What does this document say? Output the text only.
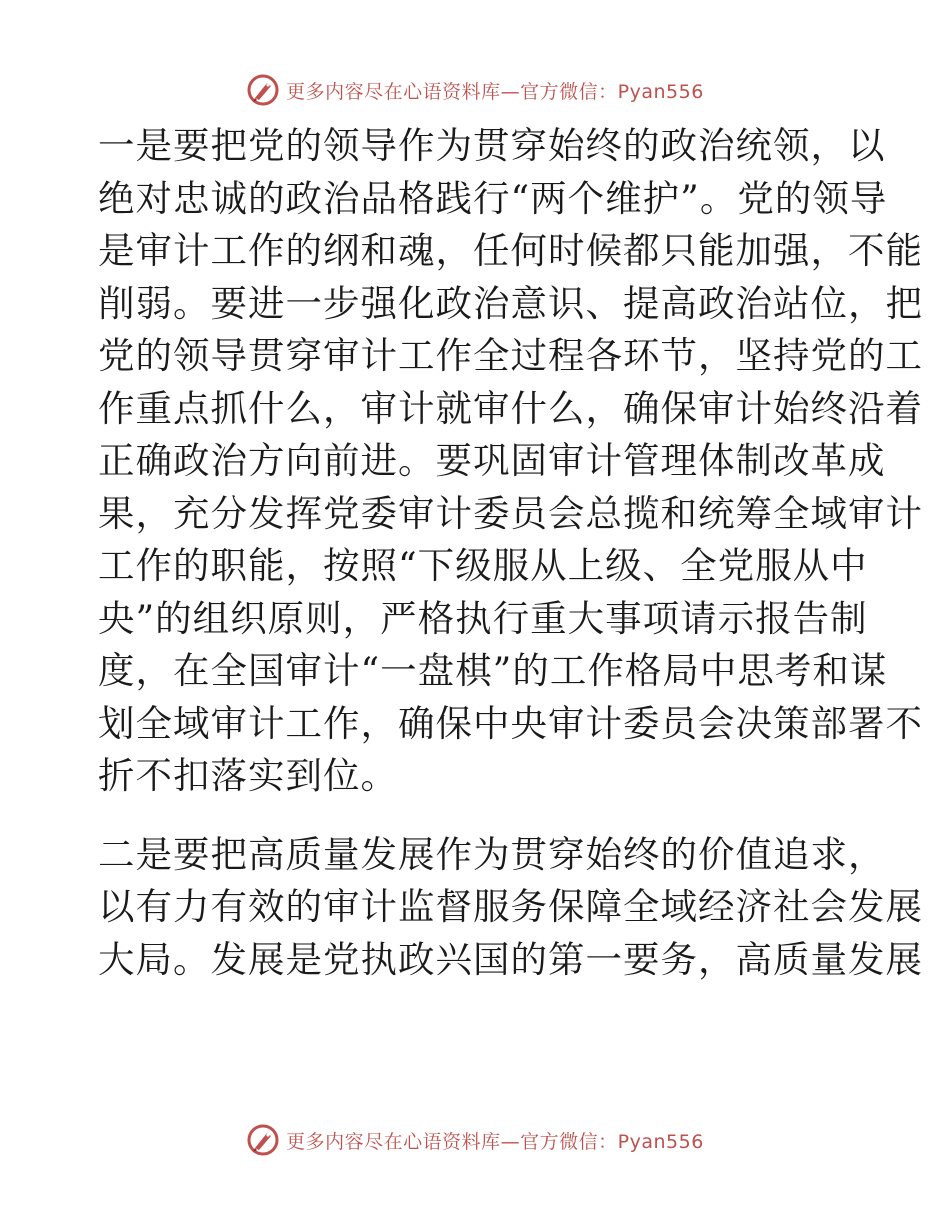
更多内容尽在心语资料库—官方微信：Pyan556
一是要把党的领导作为贯穿始终的政治统领，以
绝对忠诚的政治品格践行“两个维护”。党的领导
是审计工作的纲和魂，任何时候都只能加强，不能
削弱。要进一步强化政治意识、提高政治站位，把
党的领导贯穿审计工作全过程各环节，坚持党的工
作重点抓什么，审计就审什么，确保审计始终沿着
正确政治方向前进。要巩固审计管理体制改革成
果，充分发挥党委审计委员会总揽和统筹全域审计
工作的职能，按照“下级服从上级、全党服从中
央”的组织原则，严格执行重大事项请示报告制
度，在全国审计“一盘棋”的工作格局中思考和谋
划全域审计工作，确保中央审计委员会决策部署不
折不扣落实到位。
二是要把高质量发展作为贯穿始终的价值追求，
以有力有效的审计监督服务保障全域经济社会发展
大局。发展是党执政兴国的第一要务，高质量发展
更多内容尽在心语资料库—官方微信：Pyan556
